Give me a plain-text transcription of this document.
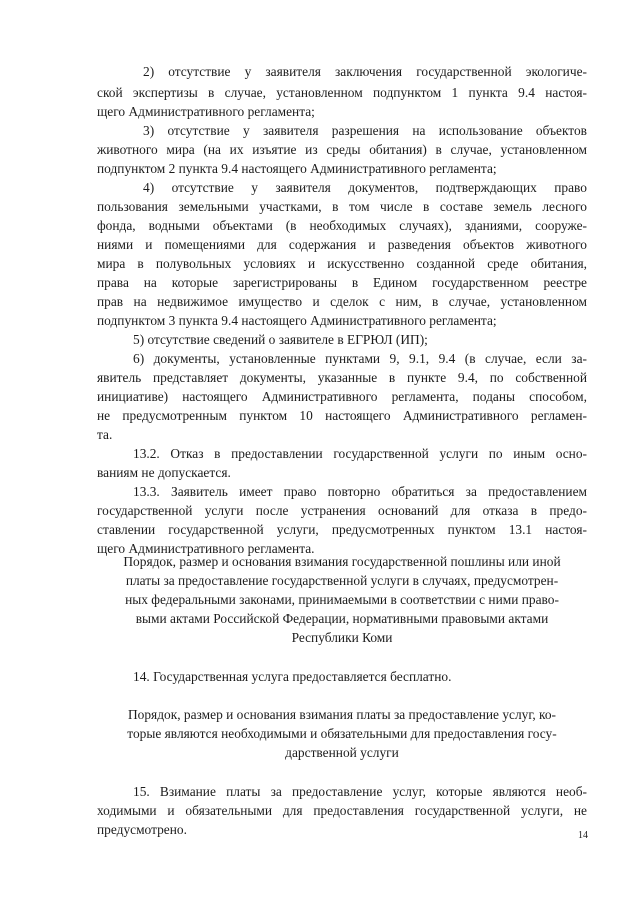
2) отсутствие у заявителя заключения государственной экологиче-
ской экспертизы в случае, установленном подпунктом 1 пункта 9.4 настоя-
щего Административного регламента;
3) отсутствие у заявителя разрешения на использование объектов
животного мира (на их изъятие из среды обитания) в случае, установленном
подпунктом 2 пункта 9.4 настоящего Административного регламента;
4) отсутствие у заявителя документов, подтверждающих право
пользования земельными участками, в том числе в составе земель лесного
фонда, водными объектами (в необходимых случаях), зданиями, сооруже-
ниями и помещениями для содержания и разведения объектов животного
мира в полувольных условиях и искусственно созданной среде обитания,
права на которые зарегистрированы в Едином государственном реестре
прав на недвижимое имущество и сделок с ним, в случае, установленном
подпунктом 3 пункта 9.4 настоящего Административного регламента;
5) отсутствие сведений о заявителе в ЕГРЮЛ (ИП);
6) документы, установленные пунктами 9, 9.1, 9.4 (в случае, если за-
явитель представляет документы, указанные в пункте 9.4, по собственной
инициативе) настоящего Административного регламента, поданы способом,
не предусмотренным пунктом 10 настоящего Административного регламен-
та.
13.2. Отказ в предоставлении государственной услуги по иным осно-
ваниям не допускается.
13.3. Заявитель имеет право повторно обратиться за предоставлением
государственной услуги после устранения оснований для отказа в предо-
ставлении государственной услуги, предусмотренных пунктом 13.1 настоя-
щего Административного регламента.
Порядок, размер и основания взимания государственной пошлины или иной
платы за предоставление государственной услуги в случаях, предусмотрен-
ных федеральными законами, принимаемыми в соответствии с ними право-
выми актами Российской Федерации, нормативными правовыми актами
Республики Коми
14. Государственная услуга предоставляется бесплатно.
Порядок, размер и основания взимания платы за предоставление услуг, ко-
торые являются необходимыми и обязательными для предоставления госу-
дарственной услуги
15. Взимание платы за предоставление услуг, которые являются необ-
ходимыми и обязательными для предоставления государственной услуги, не
предусмотрено.	14
